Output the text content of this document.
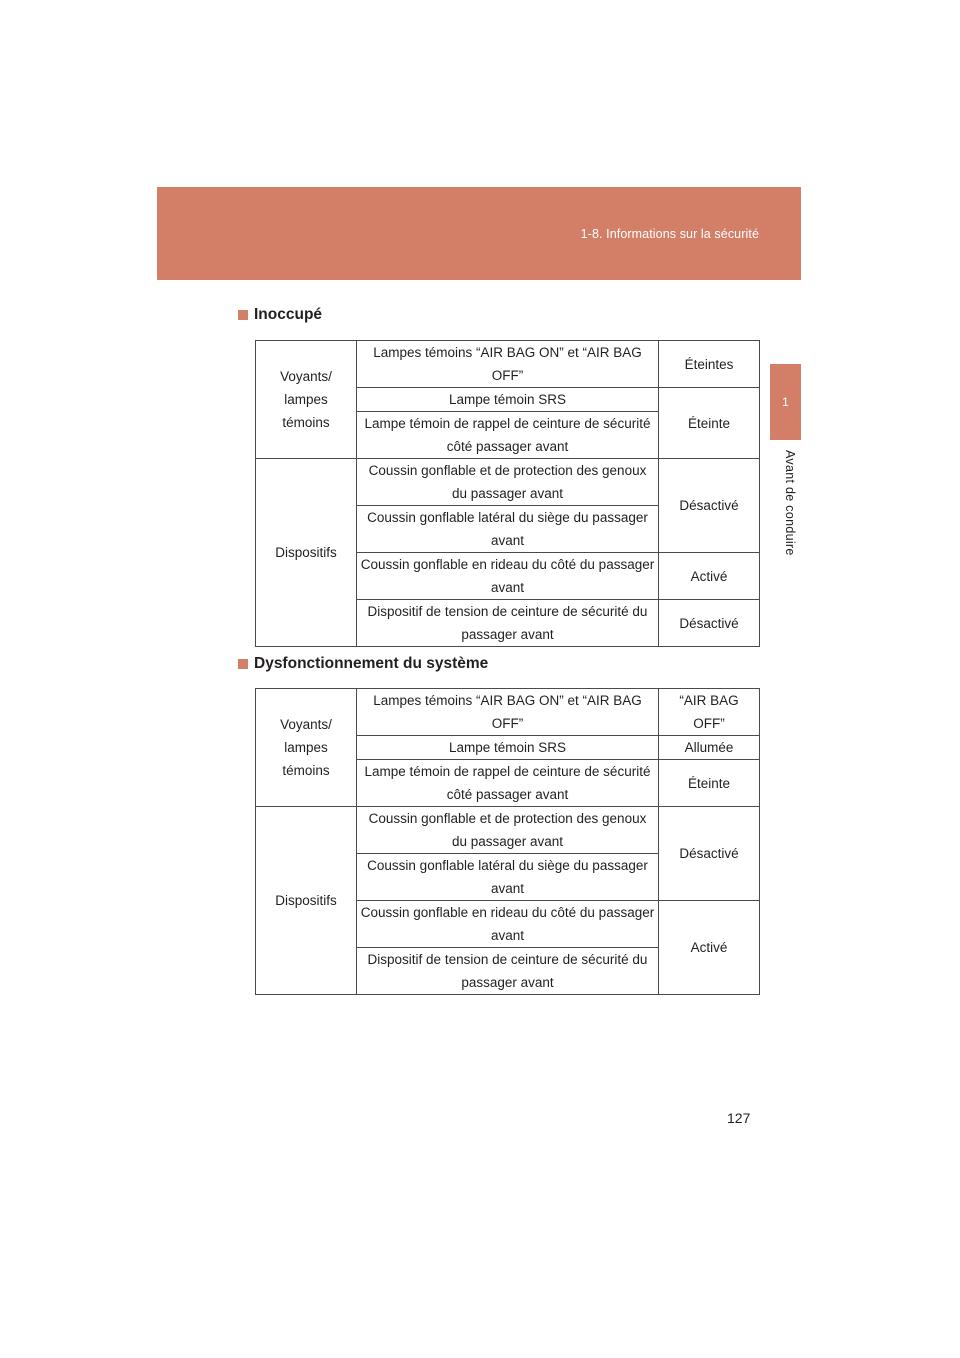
1-8. Informations sur la sécurité
1
Avant de conduire
Inoccupé
Voyants/ lampes témoins	Lampes témoins “AIR BAG ON” et “AIR BAG OFF”	Éteintes
	Lampe témoin SRS	Éteinte
	Lampe témoin de rappel de ceinture de sécurité côté passager avant	
Dispositifs	Coussin gonflable et de protection des genoux du passager avant	Désactivé
	Coussin gonflable latéral du siège du passager avant	
	Coussin gonflable en rideau du côté du passager avant	Activé
	Dispositif de tension de ceinture de sécurité du passager avant	Désactivé
Dysfonctionnement du système
Voyants/ lampes témoins	Lampes témoins “AIR BAG ON” et “AIR BAG OFF”	“AIR BAG OFF”
	Lampe témoin SRS	Allumée
	Lampe témoin de rappel de ceinture de sécurité côté passager avant	Éteinte
Dispositifs	Coussin gonflable et de protection des genoux du passager avant	Désactivé
	Coussin gonflable latéral du siège du passager avant	
	Coussin gonflable en rideau du côté du passager avant	Activé
	Dispositif de tension de ceinture de sécurité du passager avant	
127
